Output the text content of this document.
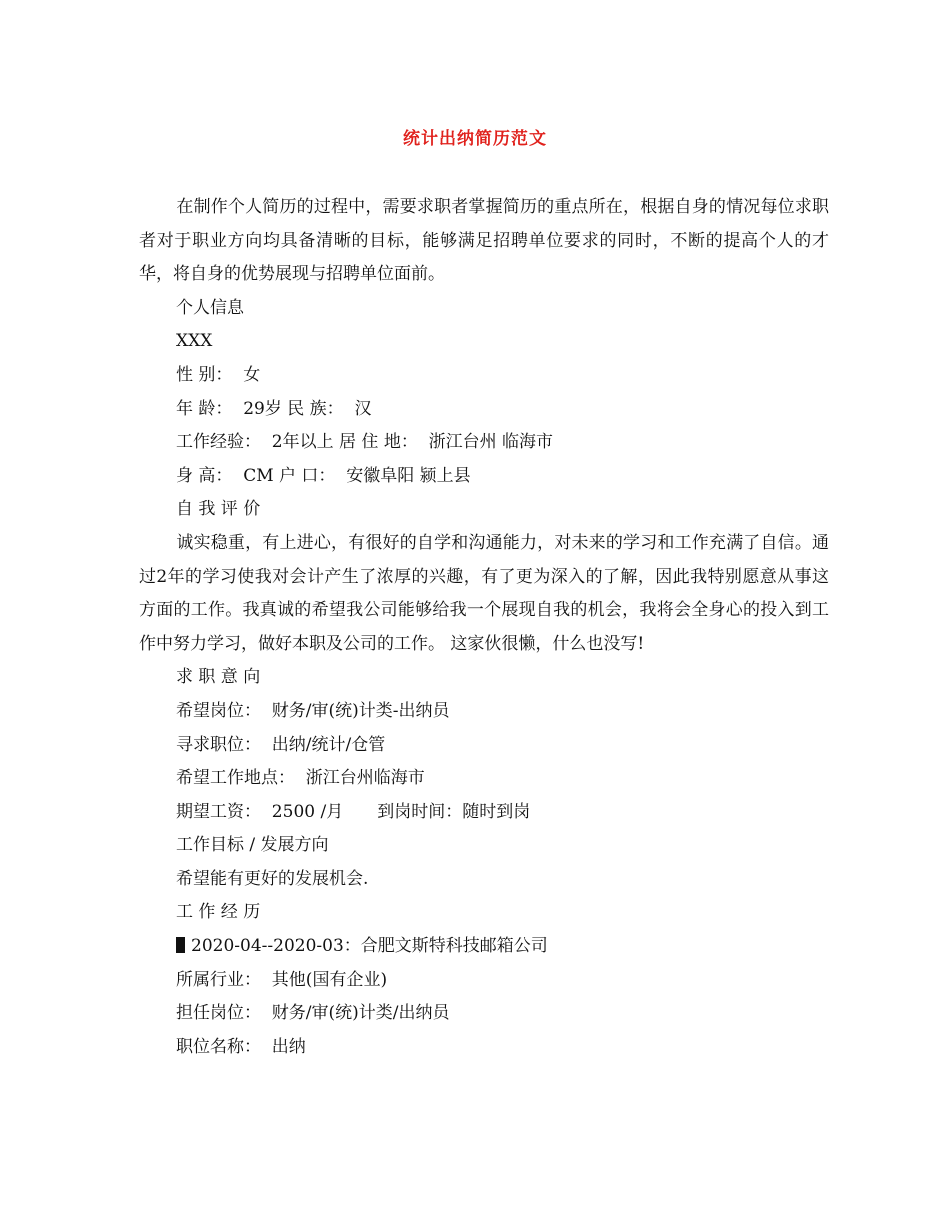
统计出纳简历范文

在制作个人简历的过程中，需要求职者掌握简历的重点所在，根据自身的情况每位求职者对于职业方向均具备清晰的目标，能够满足招聘单位要求的同时，不断的提高个人的才华，将自身的优势展现与招聘单位面前。

个人信息

XXX

性 别：  女

年 龄：  29岁 民 族：  汉

工作经验：  2年以上 居 住 地：  浙江台州 临海市

身 高：  CM 户 口：  安徽阜阳 颍上县

自 我 评 价

诚实稳重，有上进心，有很好的自学和沟通能力，对未来的学习和工作充满了自信。通过2年的学习使我对会计产生了浓厚的兴趣，有了更为深入的了解，因此我特别愿意从事这方面的工作。我真诚的希望我公司能够给我一个展现自我的机会，我将会全身心的投入到工作中努力学习，做好本职及公司的工作。 这家伙很懒，什么也没写!

求 职 意 向

希望岗位：  财务/审(统)计类-出纳员

寻求职位：  出纳/统计/仓管

希望工作地点：  浙江台州临海市

期望工资：  2500 /月 到岗时间：随时到岗

工作目标 / 发展方向

希望能有更好的发展机会.

工 作 经 历

2020-04--2020-03：合肥文斯特科技邮箱公司

所属行业：  其他(国有企业)

担任岗位：  财务/审(统)计类/出纳员

职位名称：  出纳
